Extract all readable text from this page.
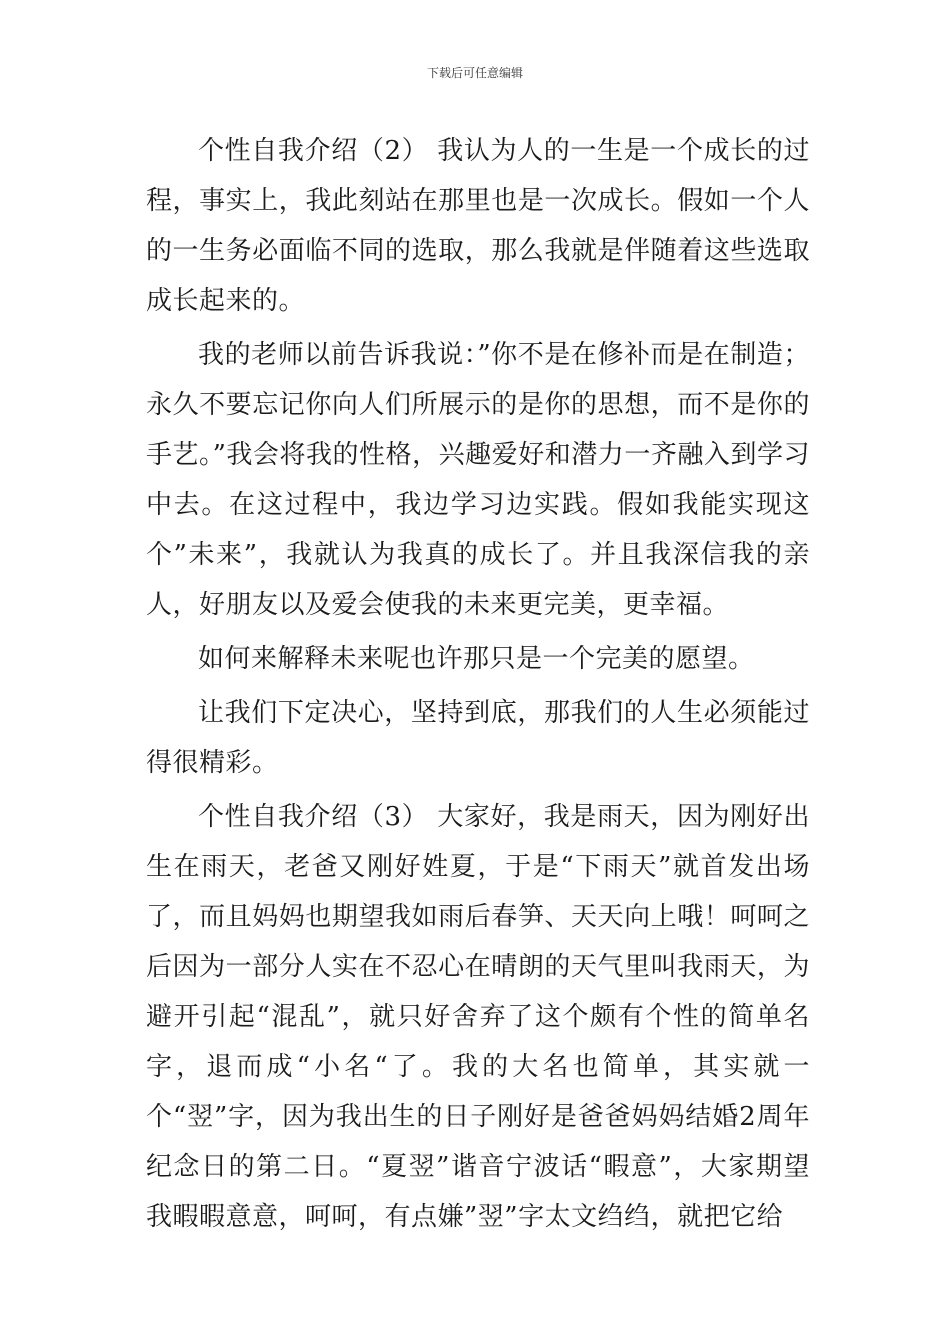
下载后可任意编辑

个性自我介绍（2） 我认为人的一生是一个成长的过程，事实上，我此刻站在那里也是一次成长。假如一个人的一生务必面临不同的选取，那么我就是伴随着这些选取成长起来的。

我的老师以前告诉我说：”你不是在修补而是在制造；永久不要忘记你向人们所展示的是你的思想，而不是你的手艺。”我会将我的性格，兴趣爱好和潜力一齐融入到学习中去。在这过程中，我边学习边实践。假如我能实现这个”未来”，我就认为我真的成长了。并且我深信我的亲人，好朋友以及爱会使我的未来更完美，更幸福。

如何来解释未来呢也许那只是一个完美的愿望。

让我们下定决心，坚持到底，那我们的人生必须能过得很精彩。

个性自我介绍（3） 大家好，我是雨天，因为刚好出生在雨天，老爸又刚好姓夏，于是“下雨天”就首发出场了，而且妈妈也期望我如雨后春笋、天天向上哦！呵呵之后因为一部分人实在不忍心在晴朗的天气里叫我雨天，为避开引起“混乱”，就只好舍弃了这个颇有个性的简单名字，退而成“小名“了。我的大名也简单，其实就一个“翌”字，因为我出生的日子刚好是爸爸妈妈结婚2周年纪念日的第二日。“夏翌”谐音宁波话“暇意”，大家期望我暇暇意意，呵呵，有点嫌”翌”字太文绉绉，就把它给
